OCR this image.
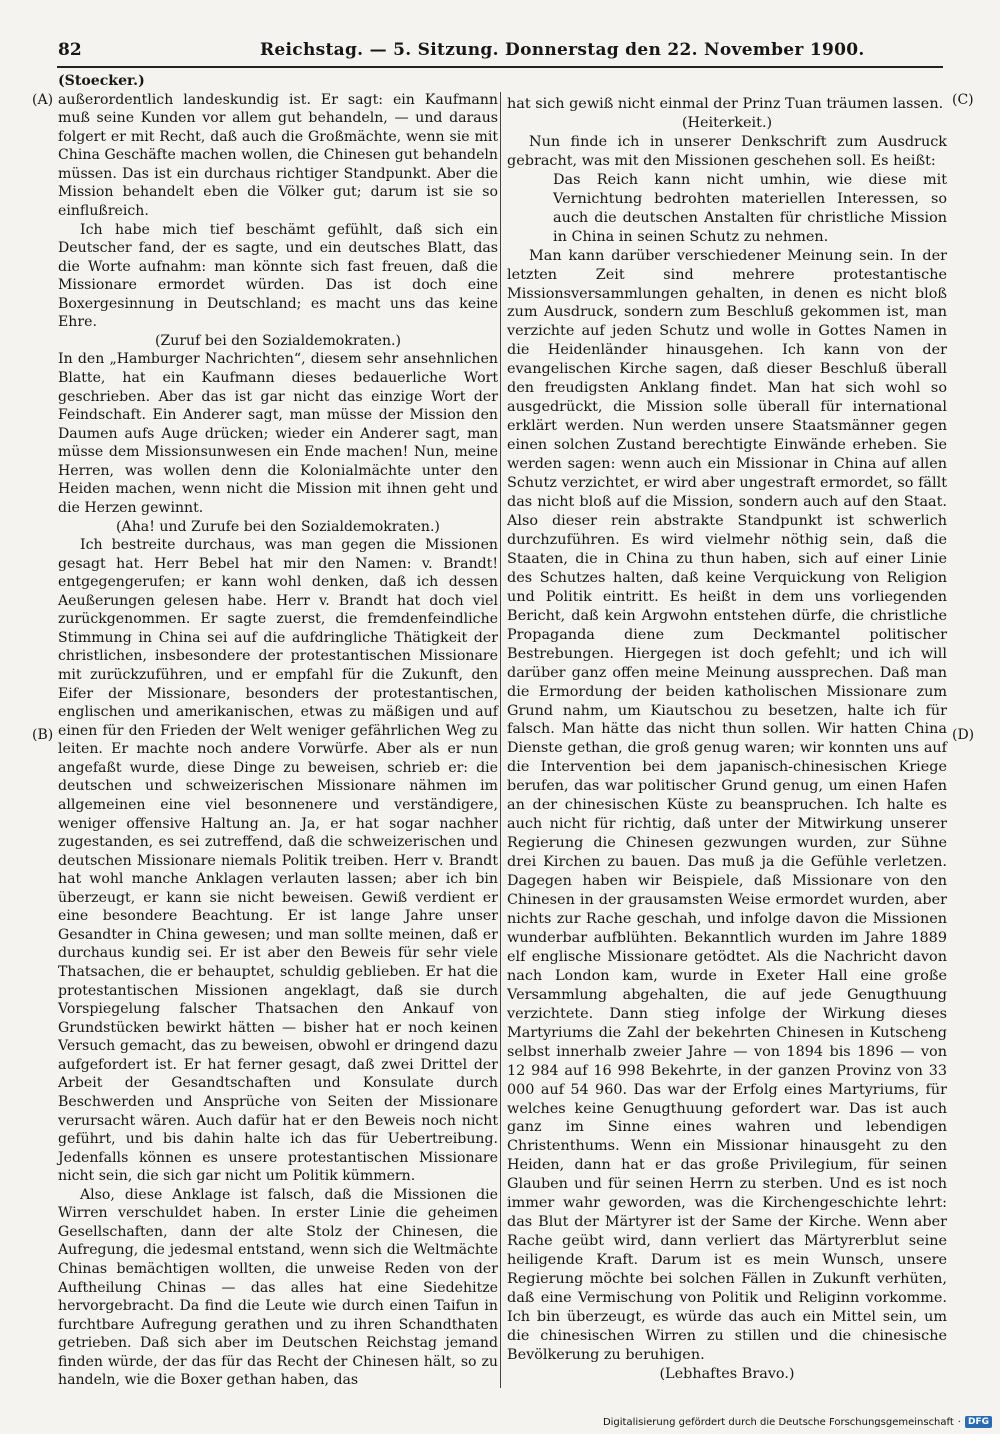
82	Reichstag. — 5. Sitzung. Donnerstag den 22. November 1900.
(A)
(B)
(C)
(D)

(Stoecker.)

außerordentlich landeskundig ist. Er sagt: ein Kaufmann muß seine Kunden vor allem gut behandeln, — und daraus folgert er mit Recht, daß auch die Großmächte, wenn sie mit China Geschäfte machen wollen, die Chinesen gut behandeln müssen. Das ist ein durchaus richtiger Standpunkt. Aber die Mission behandelt eben die Völker gut; darum ist sie so einflußreich.

Ich habe mich tief beschämt gefühlt, daß sich ein Deutscher fand, der es sagte, und ein deutsches Blatt, das die Worte aufnahm: man könnte sich fast freuen, daß die Missionare ermordet würden. Das ist doch eine Boxergesinnung in Deutschland; es macht uns das keine Ehre.

(Zuruf bei den Sozialdemokraten.)

In den „Hamburger Nachrichten“, diesem sehr ansehnlichen Blatte, hat ein Kaufmann dieses bedauerliche Wort geschrieben. Aber das ist gar nicht das einzige Wort der Feindschaft. Ein Anderer sagt, man müsse der Mission den Daumen aufs Auge drücken; wieder ein Anderer sagt, man müsse dem Missionsunwesen ein Ende machen! Nun, meine Herren, was wollen denn die Kolonialmächte unter den Heiden machen, wenn nicht die Mission mit ihnen geht und die Herzen gewinnt.

(Aha! und Zurufe bei den Sozialdemokraten.)

Ich bestreite durchaus, was man gegen die Missionen gesagt hat. Herr Bebel hat mir den Namen: v. Brandt! entgegengerufen; er kann wohl denken, daß ich dessen Aeußerungen gelesen habe. Herr v. Brandt hat doch viel zurückgenommen. Er sagte zuerst, die fremdenfeindliche Stimmung in China sei auf die aufdringliche Thätigkeit der christlichen, insbesondere der protestantischen Missionare mit zurückzuführen, und er empfahl für die Zukunft, den Eifer der Missionare, besonders der protestantischen, englischen und amerikanischen, etwas zu mäßigen und auf einen für den Frieden der Welt weniger gefährlichen Weg zu leiten. Er machte noch andere Vorwürfe. Aber als er nun angefaßt wurde, diese Dinge zu beweisen, schrieb er: die deutschen und schweizerischen Missionare nähmen im allgemeinen eine viel besonnenere und verständigere, weniger offensive Haltung an. Ja, er hat sogar nachher zugestanden, es sei zutreffend, daß die schweizerischen und deutschen Missionare niemals Politik treiben. Herr v. Brandt hat wohl manche Anklagen verlauten lassen; aber ich bin überzeugt, er kann sie nicht beweisen. Gewiß verdient er eine besondere Beachtung. Er ist lange Jahre unser Gesandter in China gewesen; und man sollte meinen, daß er durchaus kundig sei. Er ist aber den Beweis für sehr viele Thatsachen, die er behauptet, schuldig geblieben. Er hat die protestantischen Missionen angeklagt, daß sie durch Vorspiegelung falscher Thatsachen den Ankauf von Grundstücken bewirkt hätten — bisher hat er noch keinen Versuch gemacht, das zu beweisen, obwohl er dringend dazu aufgefordert ist. Er hat ferner gesagt, daß zwei Drittel der Arbeit der Gesandtschaften und Konsulate durch Beschwerden und Ansprüche von Seiten der Missionare verursacht wären. Auch dafür hat er den Beweis noch nicht geführt, und bis dahin halte ich das für Uebertreibung. Jedenfalls können es unsere protestantischen Missionare nicht sein, die sich gar nicht um Politik kümmern.

Also, diese Anklage ist falsch, daß die Missionen die Wirren verschuldet haben. In erster Linie die geheimen Gesellschaften, dann der alte Stolz der Chinesen, die Aufregung, die jedesmal entstand, wenn sich die Weltmächte Chinas bemächtigen wollten, die unweise Reden von der Auftheilung Chinas — das alles hat eine Siedehitze hervorgebracht. Da find die Leute wie durch einen Taifun in furchtbare Aufregung gerathen und zu ihren Schandthaten getrieben. Daß sich aber im Deutschen Reichstag jemand finden würde, der das für das Recht der Chinesen hält, so zu handeln, wie die Boxer gethan haben, das

hat sich gewiß nicht einmal der Prinz Tuan träumen lassen.

(Heiterkeit.)

Nun finde ich in unserer Denkschrift zum Ausdruck gebracht, was mit den Missionen geschehen soll. Es heißt:

Das Reich kann nicht umhin, wie diese mit Vernichtung bedrohten materiellen Interessen, so auch die deutschen Anstalten für christliche Mission in China in seinen Schutz zu nehmen.

Man kann darüber verschiedener Meinung sein. In der letzten Zeit sind mehrere protestantische Missionsversammlungen gehalten, in denen es nicht bloß zum Ausdruck, sondern zum Beschluß gekommen ist, man verzichte auf jeden Schutz und wolle in Gottes Namen in die Heidenländer hinausgehen. Ich kann von der evangelischen Kirche sagen, daß dieser Beschluß überall den freudigsten Anklang findet. Man hat sich wohl so ausgedrückt, die Mission solle überall für international erklärt werden. Nun werden unsere Staatsmänner gegen einen solchen Zustand berechtigte Einwände erheben. Sie werden sagen: wenn auch ein Missionar in China auf allen Schutz verzichtet, er wird aber ungestraft ermordet, so fällt das nicht bloß auf die Mission, sondern auch auf den Staat. Also dieser rein abstrakte Standpunkt ist schwerlich durchzuführen. Es wird vielmehr nöthig sein, daß die Staaten, die in China zu thun haben, sich auf einer Linie des Schutzes halten, daß keine Verquickung von Religion und Politik eintritt. Es heißt in dem uns vorliegenden Bericht, daß kein Argwohn entstehen dürfe, die christliche Propaganda diene zum Deckmantel politischer Bestrebungen. Hiergegen ist doch gefehlt; und ich will darüber ganz offen meine Meinung aussprechen. Daß man die Ermordung der beiden katholischen Missionare zum Grund nahm, um Kiautschou zu besetzen, halte ich für falsch. Man hätte das nicht thun sollen. Wir hatten China Dienste gethan, die groß genug waren; wir konnten uns auf die Intervention bei dem japanisch-chinesischen Kriege berufen, das war politischer Grund genug, um einen Hafen an der chinesischen Küste zu beanspruchen. Ich halte es auch nicht für richtig, daß unter der Mitwirkung unserer Regierung die Chinesen gezwungen wurden, zur Sühne drei Kirchen zu bauen. Das muß ja die Gefühle verletzen. Dagegen haben wir Beispiele, daß Missionare von den Chinesen in der grausamsten Weise ermordet wurden, aber nichts zur Rache geschah, und infolge davon die Missionen wunderbar aufblühten. Bekanntlich wurden im Jahre 1889 elf englische Missionare getödtet. Als die Nachricht davon nach London kam, wurde in Exeter Hall eine große Versammlung abgehalten, die auf jede Genugthuung verzichtete. Dann stieg infolge der Wirkung dieses Martyriums die Zahl der bekehrten Chinesen in Kutscheng selbst innerhalb zweier Jahre — von 1894 bis 1896 — von 12 984 auf 16 998 Bekehrte, in der ganzen Provinz von 33 000 auf 54 960. Das war der Erfolg eines Martyriums, für welches keine Genugthuung gefordert war. Das ist auch ganz im Sinne eines wahren und lebendigen Christenthums. Wenn ein Missionar hinausgeht zu den Heiden, dann hat er das große Privilegium, für seinen Glauben und für seinen Herrn zu sterben. Und es ist noch immer wahr geworden, was die Kirchengeschichte lehrt: das Blut der Märtyrer ist der Same der Kirche. Wenn aber Rache geübt wird, dann verliert das Märtyrerblut seine heiligende Kraft. Darum ist es mein Wunsch, unsere Regierung möchte bei solchen Fällen in Zukunft verhüten, daß eine Vermischung von Politik und Religinn vorkomme. Ich bin überzeugt, es würde das auch ein Mittel sein, um die chinesischen Wirren zu stillen und die chinesische Bevölkerung zu beruhigen.

(Lebhaftes Bravo.)

Digitalisierung gefördert durch die Deutsche Forschungsgemeinschaft · DFG
